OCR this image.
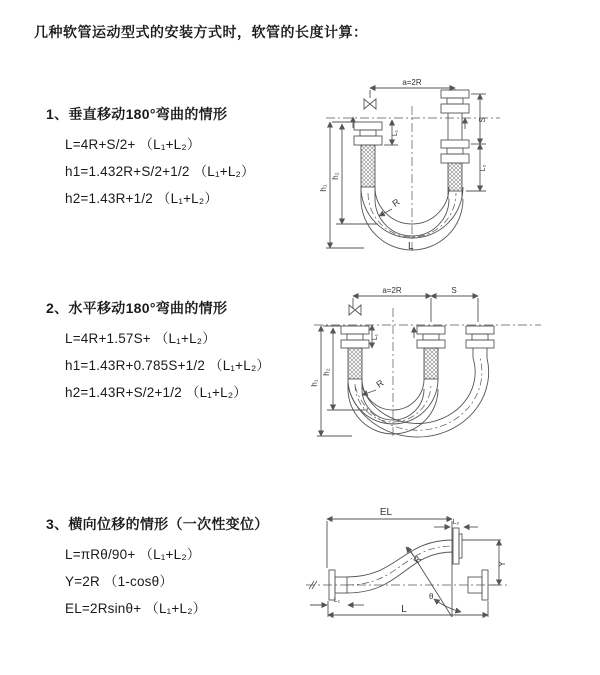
几种软管运动型式的安装方式时，软管的长度计算：

1、垂直移动180°弯曲的情形

L=4R+S/2+ （L₁+L₂）

h1=1.432R+S/2+1/2 （L₁+L₂）

h2=1.43R+1/2 （L₁+L₂）

2、水平移动180°弯曲的情形

L=4R+1.57S+ （L₁+L₂）

h1=1.43R+0.785S+1/2 （L₁+L₂）

h2=1.43R+S/2+1/2 （L₁+L₂）

3、横向位移的情形（一次性变位）

L=πRθ/90+ （L₁+L₂）

Y=2R （1-cosθ）

EL=2Rsinθ+ （L₁+L₂）

a=2R
h₁
h₂
L₁
S
L₂
R
L
a=2R	S
h₁
h₂
L₁
R
EL
L₂
Y
R
θ
L
L₁
